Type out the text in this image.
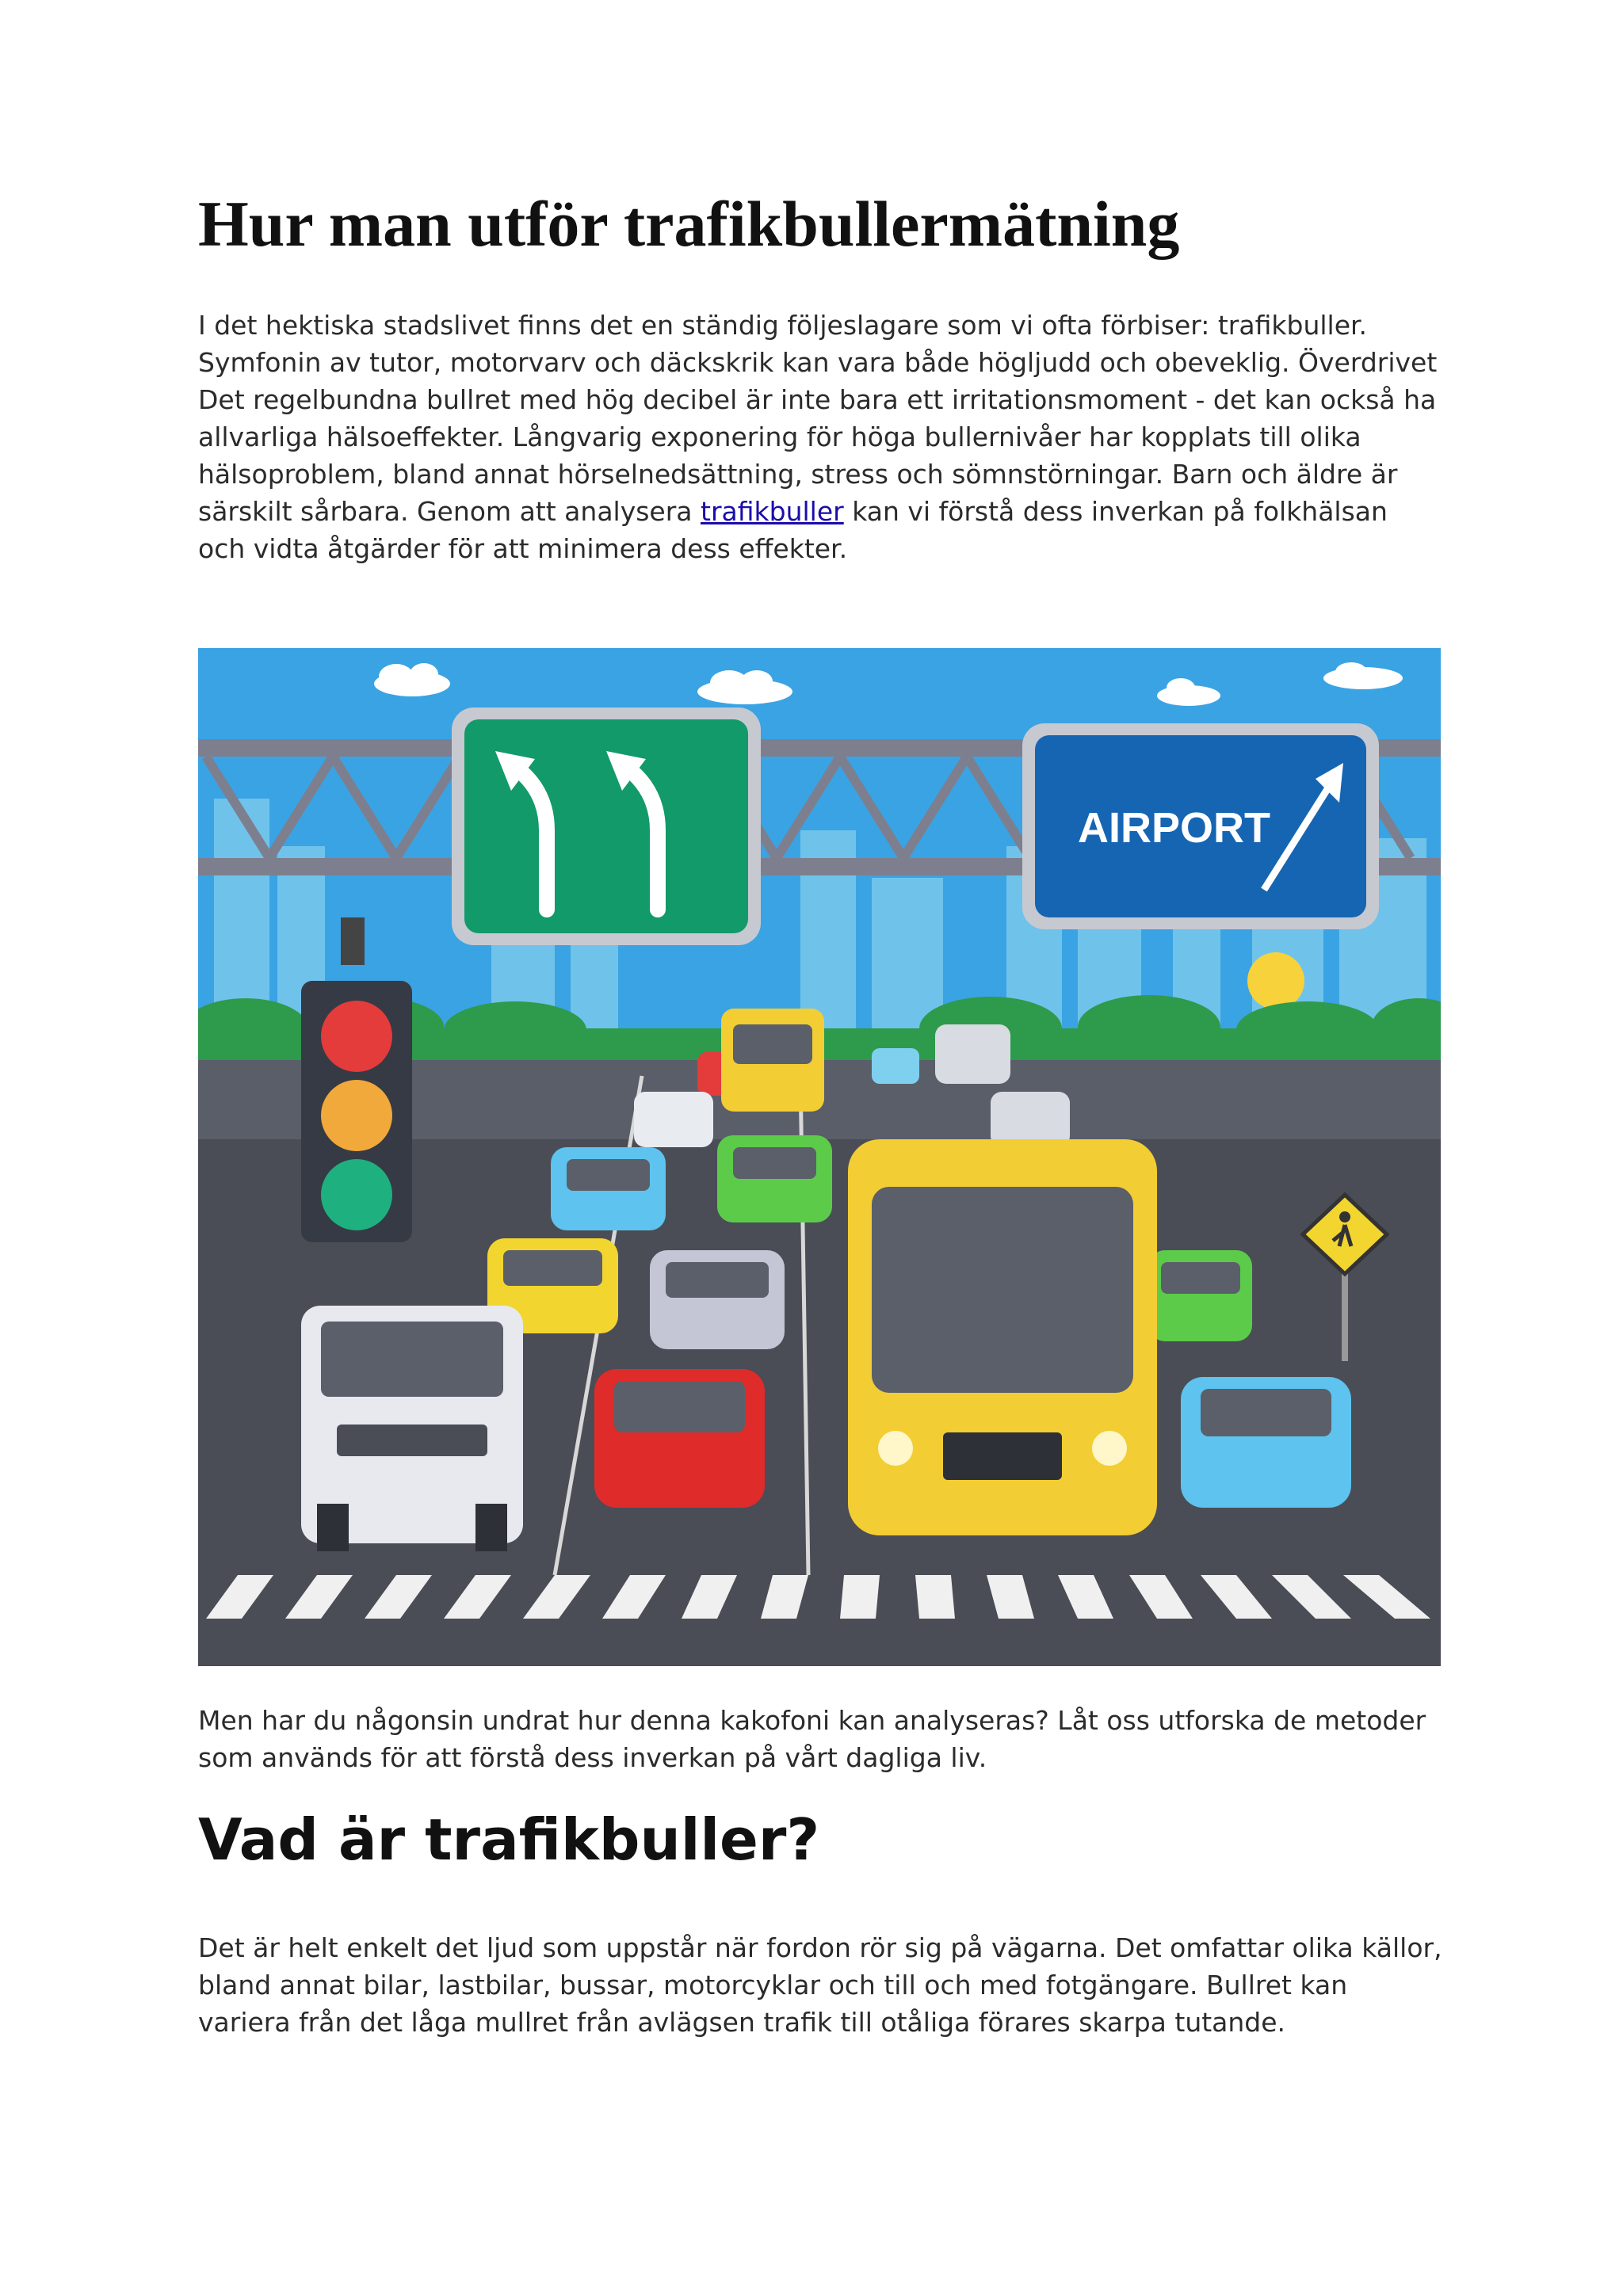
Hur man utför trafikbullermätning

I det hektiska stadslivet finns det en ständig följeslagare som vi ofta förbiser: trafikbuller. Symfonin av tutor, motorvarv och däckskrik kan vara både högljudd och obeveklig. Överdrivet Det regelbundna bullret med hög decibel är inte bara ett irritationsmoment - det kan också ha allvarliga hälsoeffekter. Långvarig exponering för höga bullernivåer har kopplats till olika hälsoproblem, bland annat hörselnedsättning, stress och sömnstörningar. Barn och äldre är särskilt sårbara. Genom att analysera trafikbuller kan vi förstå dess inverkan på folkhälsan och vidta åtgärder för att minimera dess effekter.

AIRPORT

Men har du någonsin undrat hur denna kakofoni kan analyseras? Låt oss utforska de metoder som används för att förstå dess inverkan på vårt dagliga liv.

Vad är trafikbuller?

Det är helt enkelt det ljud som uppstår när fordon rör sig på vägarna. Det omfattar olika källor, bland annat bilar, lastbilar, bussar, motorcyklar och till och med fotgängare. Bullret kan variera från det låga mullret från avlägsen trafik till otåliga förares skarpa tutande.
